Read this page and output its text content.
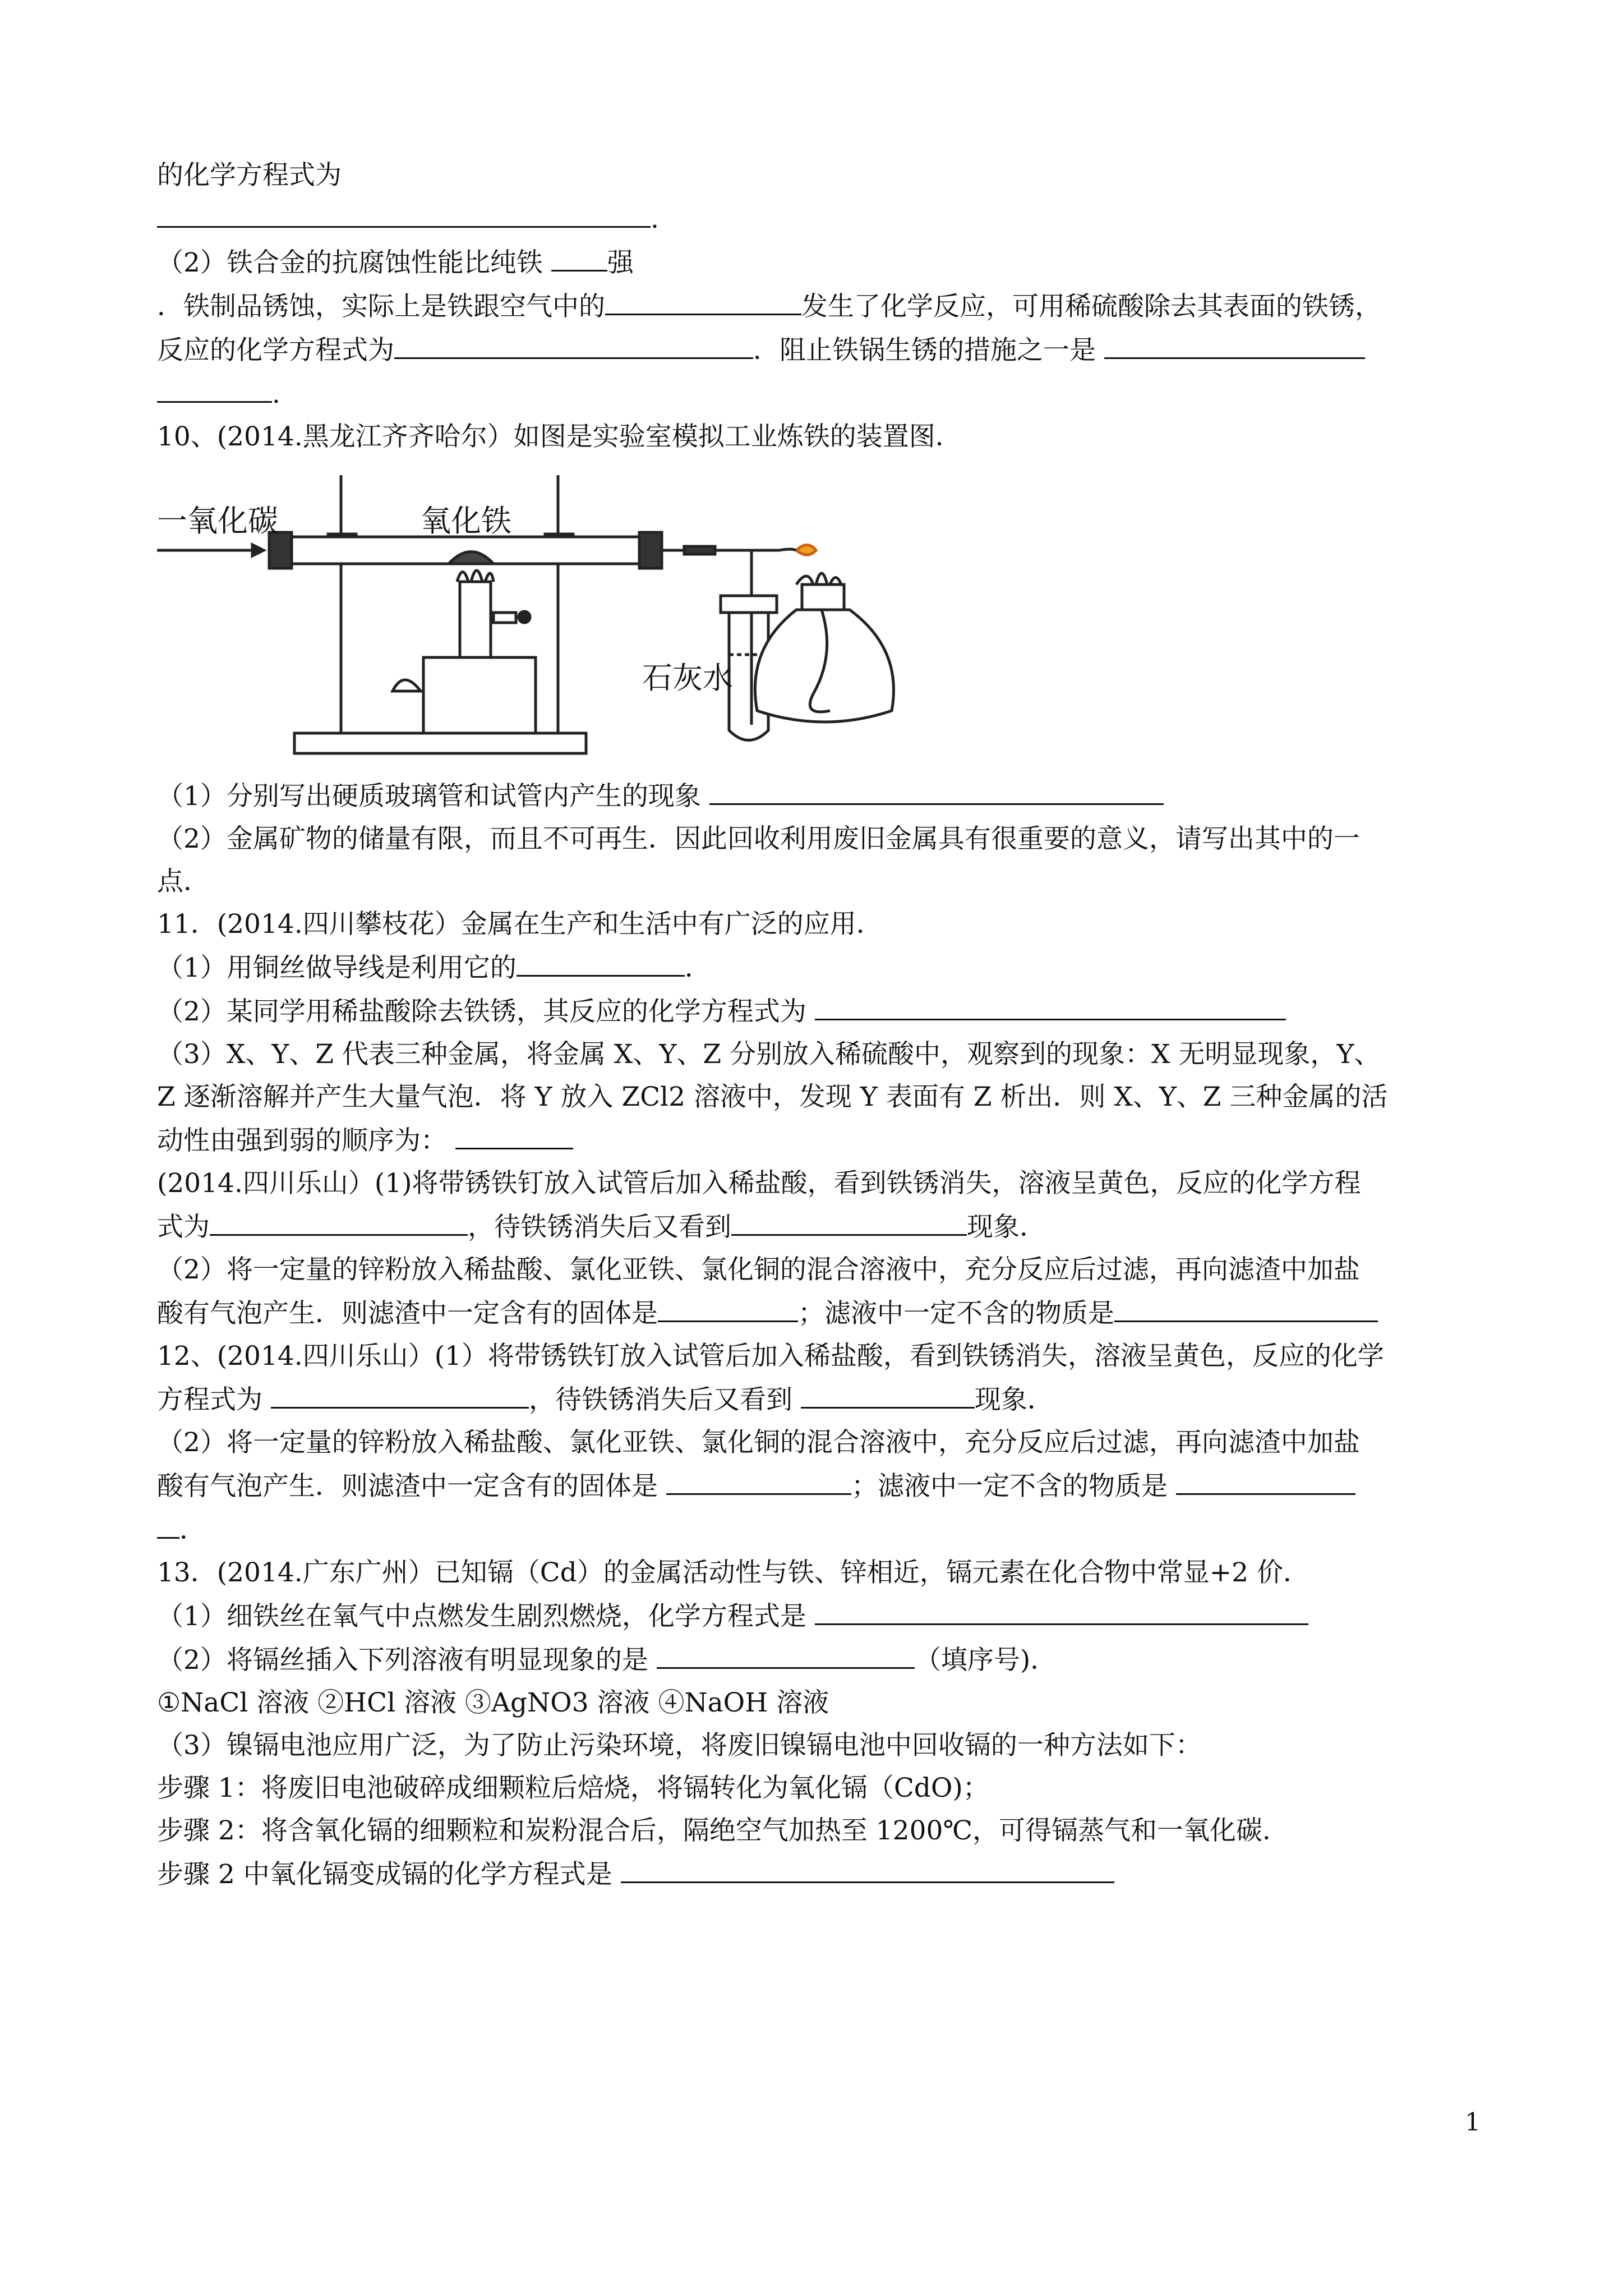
的化学方程式为
.
（2）铁合金的抗腐蚀性能比纯铁 强
．铁制品锈蚀，实际上是铁跟空气中的	发生了化学反应，可用稀硫酸除去其表面的铁锈，
反应的化学方程式为	．阻止铁锅生锈的措施之一是
.
10、(2014.黑龙江齐齐哈尔）如图是实验室模拟工业炼铁的装置图．
一氧化碳	氧化铁
石灰水
（1）分别写出硬质玻璃管和试管内产生的现象
（2）金属矿物的储量有限，而且不可再生．因此回收利用废旧金属具有很重要的意义，请写出其中的一
点．
11．(2014.四川攀枝花）金属在生产和生活中有广泛的应用．
（1）用铜丝做导线是利用它的	．
（2）某同学用稀盐酸除去铁锈，其反应的化学方程式为
（3）X、Y、Z 代表三种金属，将金属 X、Y、Z 分别放入稀硫酸中，观察到的现象：X 无明显现象，Y、
Z 逐渐溶解并产生大量气泡．将 Y 放入 ZCl2 溶液中，发现 Y 表面有 Z 析出．则 X、Y、Z 三种金属的活
动性由强到弱的顺序为：
(2014.四川乐山）(1)将带锈铁钉放入试管后加入稀盐酸，看到铁锈消失，溶液呈黄色，反应的化学方程
式为	，待铁锈消失后又看到	现象．
（2）将一定量的锌粉放入稀盐酸、氯化亚铁、氯化铜的混合溶液中，充分反应后过滤，再向滤渣中加盐
酸有气泡产生．则滤渣中一定含有的固体是	；滤液中一定不含的物质是
12、(2014.四川乐山）(1）将带锈铁钉放入试管后加入稀盐酸，看到铁锈消失，溶液呈黄色，反应的化学
方程式为	，待铁锈消失后又看到	现象．
（2）将一定量的锌粉放入稀盐酸、氯化亚铁、氯化铜的混合溶液中，充分反应后过滤，再向滤渣中加盐
酸有气泡产生．则滤渣中一定含有的固体是	；滤液中一定不含的物质是
．
13．(2014.广东广州）已知镉（Cd）的金属活动性与铁、锌相近，镉元素在化合物中常显+2 价．
（1）细铁丝在氧气中点燃发生剧烈燃烧，化学方程式是
（2）将镉丝插入下列溶液有明显现象的是	（填序号)．
①NaCl 溶液 ②HCl 溶液 ③AgNO3 溶液 ④NaOH 溶液
（3）镍镉电池应用广泛，为了防止污染环境，将废旧镍镉电池中回收镉的一种方法如下：
步骤 1：将废旧电池破碎成细颗粒后焙烧，将镉转化为氧化镉（CdO)；
步骤 2：将含氧化镉的细颗粒和炭粉混合后，隔绝空气加热至 1200℃，可得镉蒸气和一氧化碳．
步骤 2 中氧化镉变成镉的化学方程式是
1
